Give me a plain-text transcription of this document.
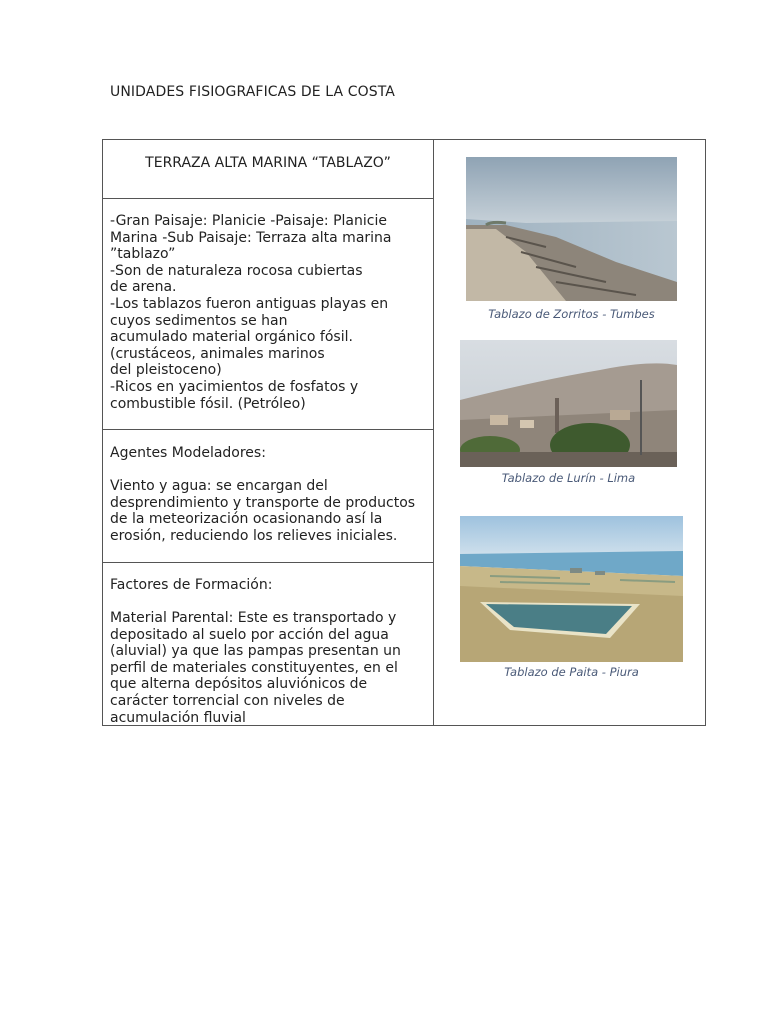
UNIDADES FISIOGRAFICAS DE LA COSTA
TERRAZA ALTA MARINA “TABLAZO”
-Gran Paisaje: Planicie -Paisaje: Planicie
Marina -Sub Paisaje: Terraza alta marina
”tablazo”
-Son de naturaleza rocosa cubiertas
de arena.
-Los tablazos fueron antiguas playas en
cuyos sedimentos se han
acumulado material orgánico fósil.
(crustáceos, animales marinos
del pleistoceno)
-Ricos en yacimientos de fosfatos y
combustible fósil. (Petróleo)
Agentes Modeladores:
Viento y agua: se encargan del
desprendimiento y transporte de productos
de la meteorización ocasionando así la
erosión, reduciendo los relieves iniciales.
Factores de Formación:
Material Parental: Este es transportado y
depositado al suelo por acción del agua
(aluvial) ya que las pampas presentan un
perfil de materiales constituyentes, en el
que alterna depósitos aluviónicos de
carácter torrencial con niveles de
acumulación fluvial
Tablazo de Zorritos - Tumbes
Tablazo de Lurín - Lima
Tablazo de Paita - Piura
